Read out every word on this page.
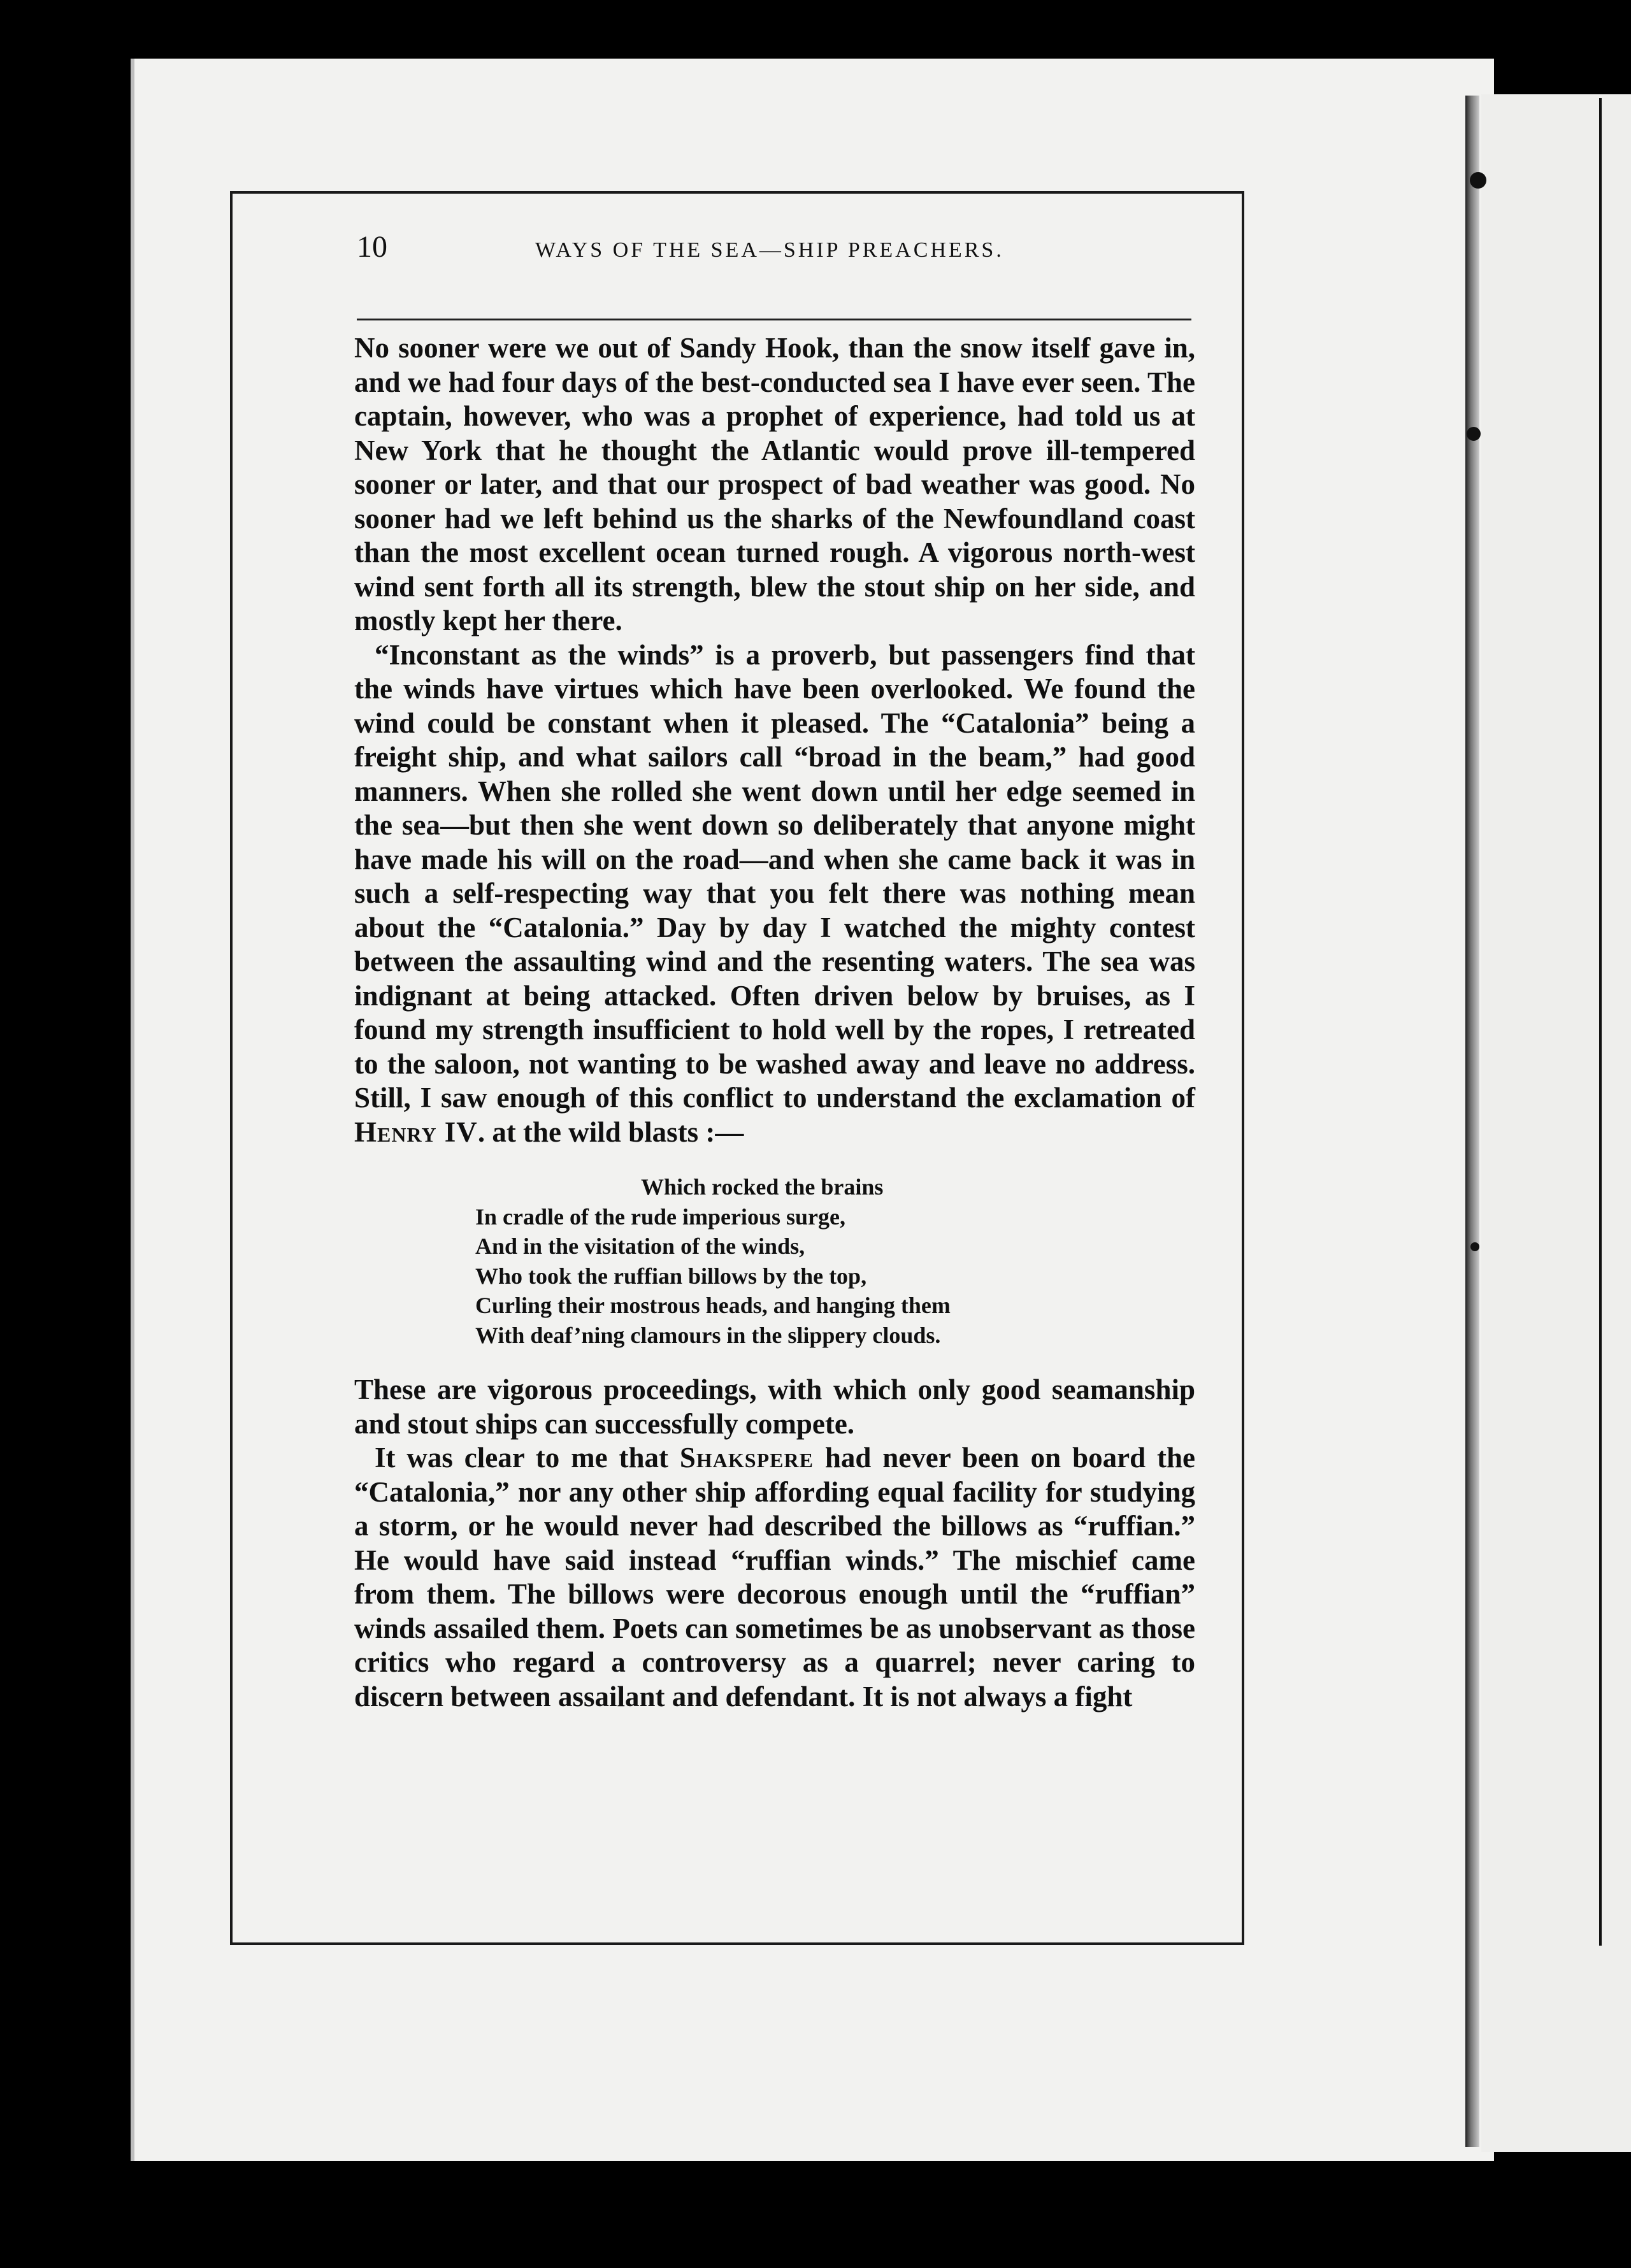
10	WAYS OF THE SEA—SHIP PREACHERS.

No sooner were we out of Sandy Hook, than the snow itself gave in, and we had four days of the best-conducted sea I have ever seen. The captain, however, who was a prophet of experience, had told us at New York that he thought the Atlantic would prove ill-tempered sooner or later, and that our prospect of bad weather was good. No sooner had we left behind us the sharks of the Newfoundland coast than the most excellent ocean turned rough. A vigorous north-west wind sent forth all its strength, blew the stout ship on her side, and mostly kept her there.

“Inconstant as the winds” is a proverb, but passengers find that the winds have virtues which have been overlooked. We found the wind could be constant when it pleased. The “Catalonia” being a freight ship, and what sailors call “broad in the beam,” had good manners. When she rolled she went down until her edge seemed in the sea—but then she went down so deliberately that anyone might have made his will on the road—and when she came back it was in such a self-respecting way that you felt there was nothing mean about the “Catalonia.” Day by day I watched the mighty contest between the assaulting wind and the resenting waters. The sea was indignant at being attacked. Often driven below by bruises, as I found my strength insufficient to hold well by the ropes, I retreated to the saloon, not wanting to be washed away and leave no address. Still, I saw enough of this conflict to understand the exclamation of Henry IV. at the wild blasts :—

Which rocked the brains
In cradle of the rude imperious surge,
And in the visitation of the winds,
Who took the ruffian billows by the top,
Curling their mostrous heads, and hanging them
With deaf’ning clamours in the slippery clouds.

These are vigorous proceedings, with which only good seamanship and stout ships can successfully compete.

It was clear to me that Shakspere had never been on board the “Catalonia,” nor any other ship affording equal facility for studying a storm, or he would never had described the billows as “ruffian.” He would have said instead “ruffian winds.” The mischief came from them. The billows were decorous enough until the “ruffian” winds assailed them. Poets can sometimes be as unobservant as those critics who regard a controversy as a quarrel; never caring to discern between assailant and defendant. It is not always a fight
